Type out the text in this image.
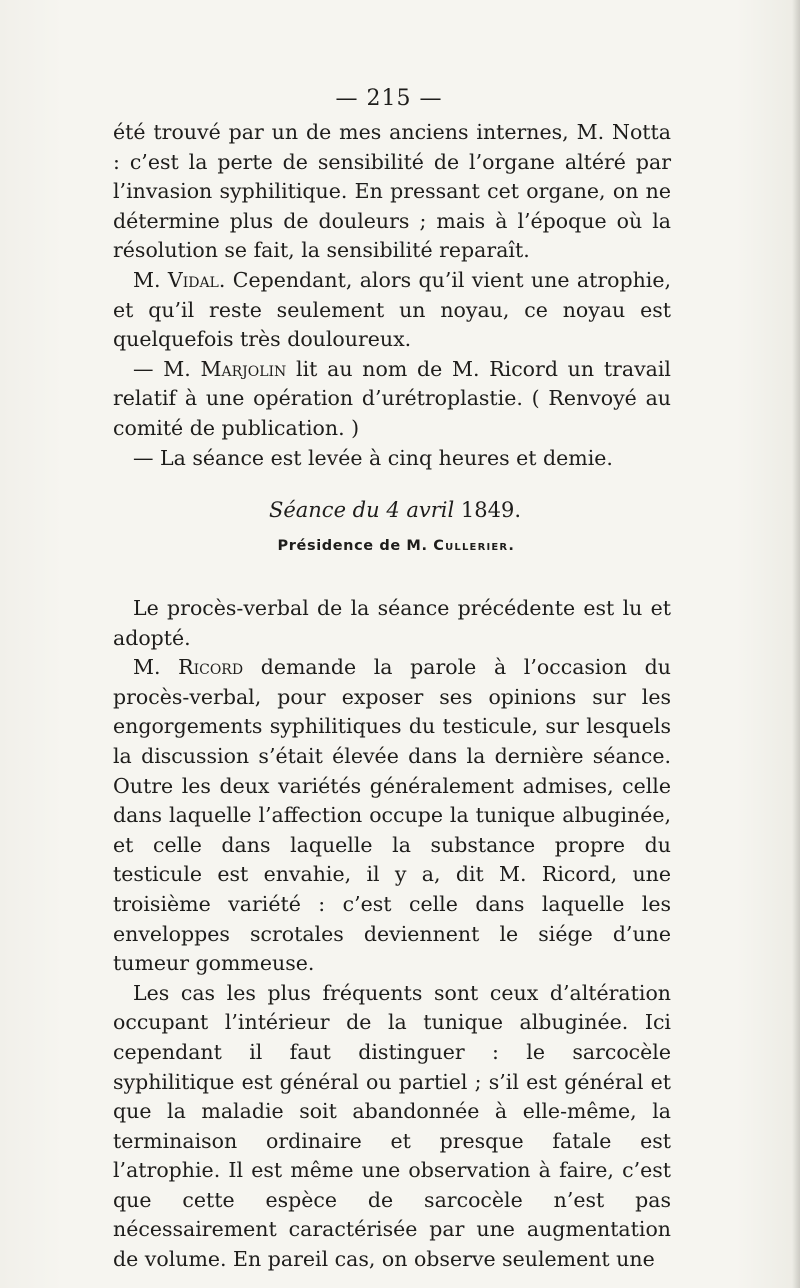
— 215 —

été trouvé par un de mes anciens internes, M. Notta : c’est la perte de sensibilité de l’organe altéré par l’invasion syphilitique. En pressant cet organe, on ne détermine plus de douleurs ; mais à l’époque où la résolution se fait, la sensibilité reparaît.

M. Vidal. Cependant, alors qu’il vient une atrophie, et qu’il reste seulement un noyau, ce noyau est quelquefois très douloureux.

— M. Marjolin lit au nom de M. Ricord un travail relatif à une opération d’urétroplastie. ( Renvoyé au comité de publication. )

— La séance est levée à cinq heures et demie.

Séance du 4 avril 1849.
Présidence de M. Cullerier.

Le procès-verbal de la séance précédente est lu et adopté.

M. Ricord demande la parole à l’occasion du procès-verbal, pour exposer ses opinions sur les engorgements syphilitiques du testicule, sur lesquels la discussion s’était élevée dans la dernière séance. Outre les deux variétés généralement admises, celle dans laquelle l’affection occupe la tunique albuginée, et celle dans laquelle la substance propre du testicule est envahie, il y a, dit M. Ricord, une troisième variété : c’est celle dans laquelle les enveloppes scrotales deviennent le siége d’une tumeur gommeuse.

Les cas les plus fréquents sont ceux d’altération occupant l’intérieur de la tunique albuginée. Ici cependant il faut distinguer : le sarcocèle syphilitique est général ou partiel ; s’il est général et que la maladie soit abandonnée à elle-même, la terminaison ordinaire et presque fatale est l’atrophie. Il est même une observation à faire, c’est que cette espèce de sarcocèle n’est pas nécessairement caractérisée par une augmentation de volume. En pareil cas, on observe seulement une
